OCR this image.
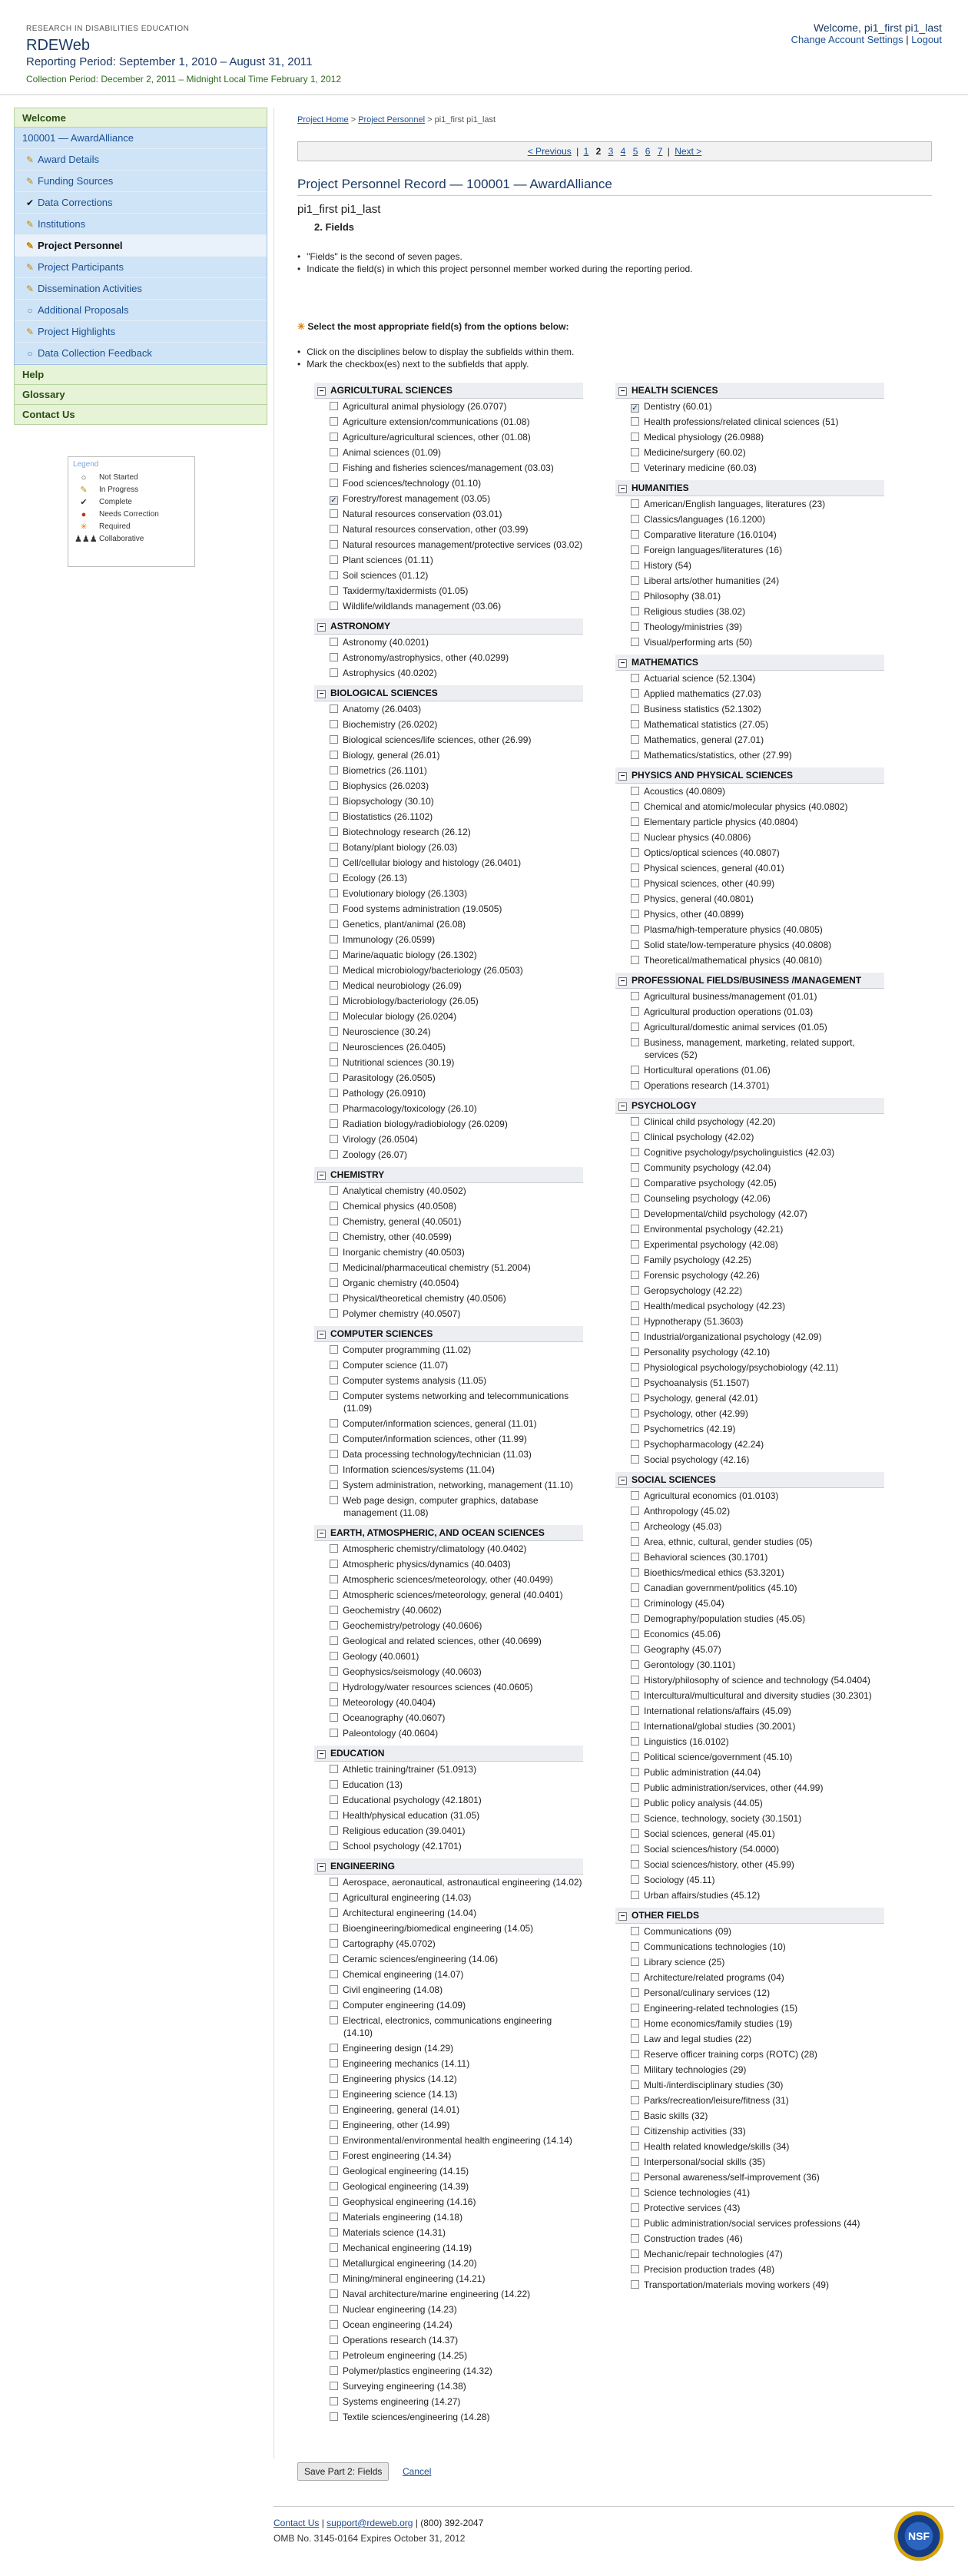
RESEARCH IN DISABILITIES EDUCATION
RDEWeb
Reporting Period: September 1, 2010 – August 31, 2011
Collection Period: December 2, 2011 – Midnight Local Time February 1, 2012
Welcome, pi1_first pi1_last
Change Account Settings | Logout
Welcome
100001 — AwardAlliance
✎ Award Details
✎ Funding Sources
✔ Data Corrections
✎ Institutions
✎ Project Personnel
✎ Project Participants
✎ Dissemination Activities
○ Additional Proposals
✎ Project Highlights
○ Data Collection Feedback
Help
Glossary
Contact Us
Legend
○	Not Started
✎	In Progress
✔	Complete
●	Needs Correction
✳	Required
♟♟♟ Collaborative
Project Home > Project Personnel > pi1_first pi1_last
< Previous | 1 2 3 4 5 6 7 | Next >
Project Personnel Record — 100001 — AwardAlliance
pi1_first pi1_last
2. Fields
• "Fields" is the second of seven pages.
• Indicate the field(s) in which this project personnel member worked during the reporting period.
✳ Select the most appropriate field(s) from the options below:
• Click on the disciplines below to display the subfields within them.
• Mark the checkbox(es) next to the subfields that apply.
− AGRICULTURAL SCIENCES
Agricultural animal physiology (26.0707)
Agriculture extension/communications (01.08)
Agriculture/agricultural sciences, other (01.08)
Animal sciences (01.09)
Fishing and fisheries sciences/management (03.03)
Food sciences/technology (01.10)
✓ Forestry/forest management (03.05)
Natural resources conservation (03.01)
Natural resources conservation, other (03.99)
Natural resources management/protective services (03.02)
Plant sciences (01.11)
Soil sciences (01.12)
Taxidermy/taxidermists (01.05)
Wildlife/wildlands management (03.06)
− ASTRONOMY
Astronomy (40.0201)
Astronomy/astrophysics, other (40.0299)
Astrophysics (40.0202)
− BIOLOGICAL SCIENCES
Anatomy (26.0403)
Biochemistry (26.0202)
Biological sciences/life sciences, other (26.99)
Biology, general (26.01)
Biometrics (26.1101)
Biophysics (26.0203)
Biopsychology (30.10)
Biostatistics (26.1102)
Biotechnology research (26.12)
Botany/plant biology (26.03)
Cell/cellular biology and histology (26.0401)
Ecology (26.13)
Evolutionary biology (26.1303)
Food systems administration (19.0505)
Genetics, plant/animal (26.08)
Immunology (26.0599)
Marine/aquatic biology (26.1302)
Medical microbiology/bacteriology (26.0503)
Medical neurobiology (26.09)
Microbiology/bacteriology (26.05)
Molecular biology (26.0204)
Neuroscience (30.24)
Neurosciences (26.0405)
Nutritional sciences (30.19)
Parasitology (26.0505)
Pathology (26.0910)
Pharmacology/toxicology (26.10)
Radiation biology/radiobiology (26.0209)
Virology (26.0504)
Zoology (26.07)
− CHEMISTRY
Analytical chemistry (40.0502)
Chemical physics (40.0508)
Chemistry, general (40.0501)
Chemistry, other (40.0599)
Inorganic chemistry (40.0503)
Medicinal/pharmaceutical chemistry (51.2004)
Organic chemistry (40.0504)
Physical/theoretical chemistry (40.0506)
Polymer chemistry (40.0507)
− COMPUTER SCIENCES
Computer programming (11.02)
Computer science (11.07)
Computer systems analysis (11.05)
Computer systems networking and telecommunications (11.09)
Computer/information sciences, general (11.01)
Computer/information sciences, other (11.99)
Data processing technology/technician (11.03)
Information sciences/systems (11.04)
System administration, networking, management (11.10)
Web page design, computer graphics, database management (11.08)
− EARTH, ATMOSPHERIC, AND OCEAN SCIENCES
Atmospheric chemistry/climatology (40.0402)
Atmospheric physics/dynamics (40.0403)
Atmospheric sciences/meteorology, other (40.0499)
Atmospheric sciences/meteorology, general (40.0401)
Geochemistry (40.0602)
Geochemistry/petrology (40.0606)
Geological and related sciences, other (40.0699)
Geology (40.0601)
Geophysics/seismology (40.0603)
Hydrology/water resources sciences (40.0605)
Meteorology (40.0404)
Oceanography (40.0607)
Paleontology (40.0604)
− EDUCATION
Athletic training/trainer (51.0913)
Education (13)
Educational psychology (42.1801)
Health/physical education (31.05)
Religious education (39.0401)
School psychology (42.1701)
− ENGINEERING
Aerospace, aeronautical, astronautical engineering (14.02)
Agricultural engineering (14.03)
Architectural engineering (14.04)
Bioengineering/biomedical engineering (14.05)
Cartography (45.0702)
Ceramic sciences/engineering (14.06)
Chemical engineering (14.07)
Civil engineering (14.08)
Computer engineering (14.09)
Electrical, electronics, communications engineering (14.10)
Engineering design (14.29)
Engineering mechanics (14.11)
Engineering physics (14.12)
Engineering science (14.13)
Engineering, general (14.01)
Engineering, other (14.99)
Environmental/environmental health engineering (14.14)
Forest engineering (14.34)
Geological engineering (14.15)
Geological engineering (14.39)
Geophysical engineering (14.16)
Materials engineering (14.18)
Materials science (14.31)
Mechanical engineering (14.19)
Metallurgical engineering (14.20)
Mining/mineral engineering (14.21)
Naval architecture/marine engineering (14.22)
Nuclear engineering (14.23)
Ocean engineering (14.24)
Operations research (14.37)
Petroleum engineering (14.25)
Polymer/plastics engineering (14.32)
Surveying engineering (14.38)
Systems engineering (14.27)
Textile sciences/engineering (14.28)
− HEALTH SCIENCES
✓ Dentistry (60.01)
Health professions/related clinical sciences (51)
Medical physiology (26.0988)
Medicine/surgery (60.02)
Veterinary medicine (60.03)
− HUMANITIES
American/English languages, literatures (23)
Classics/languages (16.1200)
Comparative literature (16.0104)
Foreign languages/literatures (16)
History (54)
Liberal arts/other humanities (24)
Philosophy (38.01)
Religious studies (38.02)
Theology/ministries (39)
Visual/performing arts (50)
− MATHEMATICS
Actuarial science (52.1304)
Applied mathematics (27.03)
Business statistics (52.1302)
Mathematical statistics (27.05)
Mathematics, general (27.01)
Mathematics/statistics, other (27.99)
− PHYSICS AND PHYSICAL SCIENCES
Acoustics (40.0809)
Chemical and atomic/molecular physics (40.0802)
Elementary particle physics (40.0804)
Nuclear physics (40.0806)
Optics/optical sciences (40.0807)
Physical sciences, general (40.01)
Physical sciences, other (40.99)
Physics, general (40.0801)
Physics, other (40.0899)
Plasma/high-temperature physics (40.0805)
Solid state/low-temperature physics (40.0808)
Theoretical/mathematical physics (40.0810)
− PROFESSIONAL FIELDS/BUSINESS /MANAGEMENT
Agricultural business/management (01.01)
Agricultural production operations (01.03)
Agricultural/domestic animal services (01.05)
Business, management, marketing, related support, services (52)
Horticultural operations (01.06)
Operations research (14.3701)
− PSYCHOLOGY
Clinical child psychology (42.20)
Clinical psychology (42.02)
Cognitive psychology/psycholinguistics (42.03)
Community psychology (42.04)
Comparative psychology (42.05)
Counseling psychology (42.06)
Developmental/child psychology (42.07)
Environmental psychology (42.21)
Experimental psychology (42.08)
Family psychology (42.25)
Forensic psychology (42.26)
Geropsychology (42.22)
Health/medical psychology (42.23)
Hypnotherapy (51.3603)
Industrial/organizational psychology (42.09)
Personality psychology (42.10)
Physiological psychology/psychobiology (42.11)
Psychoanalysis (51.1507)
Psychology, general (42.01)
Psychology, other (42.99)
Psychometrics (42.19)
Psychopharmacology (42.24)
Social psychology (42.16)
− SOCIAL SCIENCES
Agricultural economics (01.0103)
Anthropology (45.02)
Archeology (45.03)
Area, ethnic, cultural, gender studies (05)
Behavioral sciences (30.1701)
Bioethics/medical ethics (53.3201)
Canadian government/politics (45.10)
Criminology (45.04)
Demography/population studies (45.05)
Economics (45.06)
Geography (45.07)
Gerontology (30.1101)
History/philosophy of science and technology (54.0404)
Intercultural/multicultural and diversity studies (30.2301)
International relations/affairs (45.09)
International/global studies (30.2001)
Linguistics (16.0102)
Political science/government (45.10)
Public administration (44.04)
Public administration/services, other (44.99)
Public policy analysis (44.05)
Science, technology, society (30.1501)
Social sciences, general (45.01)
Social sciences/history (54.0000)
Social sciences/history, other (45.99)
Sociology (45.11)
Urban affairs/studies (45.12)
− OTHER FIELDS
Communications (09)
Communications technologies (10)
Library science (25)
Architecture/related programs (04)
Personal/culinary services (12)
Engineering-related technologies (15)
Home economics/family studies (19)
Law and legal studies (22)
Reserve officer training corps (ROTC) (28)
Military technologies (29)
Multi-/interdisciplinary studies (30)
Parks/recreation/leisure/fitness (31)
Basic skills (32)
Citizenship activities (33)
Health related knowledge/skills (34)
Interpersonal/social skills (35)
Personal awareness/self-improvement (36)
Science technologies (41)
Protective services (43)
Public administration/social services professions (44)
Construction trades (46)
Mechanic/repair technologies (47)
Precision production trades (48)
Transportation/materials moving workers (49)
Save Part 2: Fields Cancel
Contact Us | support@rdeweb.org | (800) 392-2047
OMB No. 3145-0164 Expires October 31, 2012	NSF
